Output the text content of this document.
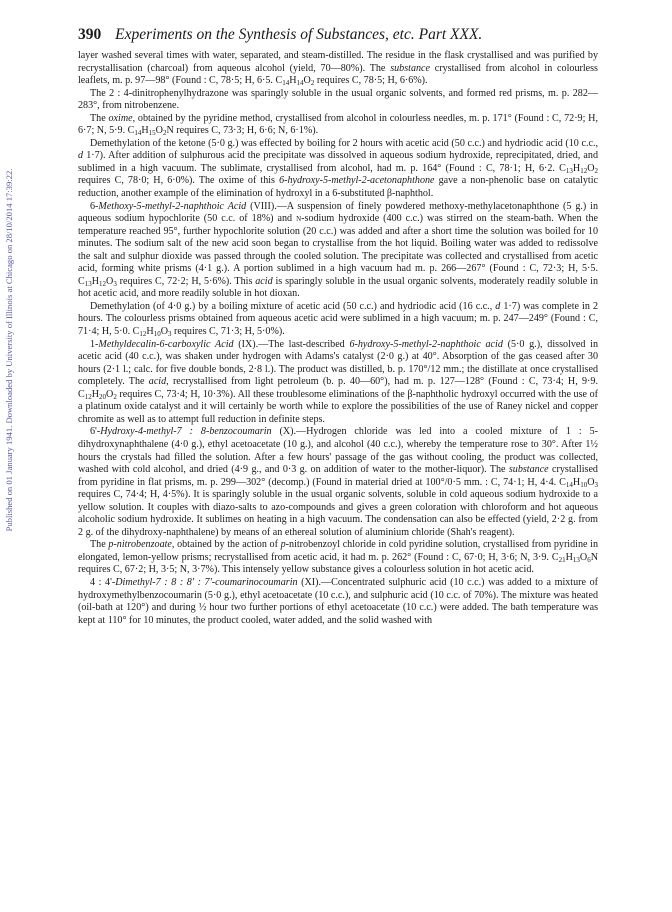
Published on 01 January 1941. Downloaded by University of Illinois at Chicago on 28/10/2014 17:39:22.
390 Experiments on the Synthesis of Substances, etc. Part XXX.

layer washed several times with water, separated, and steam-distilled. The residue in the flask crystallised and was purified by recrystallisation (charcoal) from aqueous alcohol (yield, 70—80%). The substance crystallised from alcohol in colourless leaflets, m. p. 97—98° (Found : C, 78·5; H, 6·5. $C_{14}H_{14}O_2$ requires C, 78·5; H, 6·6%).

The 2 : 4-dinitrophenylhydrazone was sparingly soluble in the usual organic solvents, and formed red prisms, m. p. 282—283°, from nitrobenzene.

The oxime, obtained by the pyridine method, crystallised from alcohol in colourless needles, m. p. 171° (Found : C, 72·9; H, 6·7; N, 5·9. $C_{14}H_{15}O_2N$ requires C, 73·3; H, 6·6; N, 6·1%).

Demethylation of the ketone (5·0 g.) was effected by boiling for 2 hours with acetic acid (50 c.c.) and hydriodic acid (10 c.c., d 1·7). After addition of sulphurous acid the precipitate was dissolved in aqueous sodium hydroxide, reprecipitated, dried, and sublimed in a high vacuum. The sublimate, crystallised from alcohol, had m. p. 164° (Found : C, 78·1; H, 6·2. $C_{13}H_{12}O_2$ requires C, 78·0; H, 6·0%). The oxime of this 6-hydroxy-5-methyl-2-acetonaphthone gave a non-phenolic base on catalytic reduction, another example of the elimination of hydroxyl in a 6-substituted β-naphthol.

6-Methoxy-5-methyl-2-naphthoic Acid (VIII).—A suspension of finely powdered methoxy-methylacetonaphthone (5 g.) in aqueous sodium hypochlorite (50 c.c. of 18%) and n-sodium hydroxide (400 c.c.) was stirred on the steam-bath. When the temperature reached 95°, further hypochlorite solution (20 c.c.) was added and after a short time the solution was boiled for 10 minutes. The sodium salt of the new acid soon began to crystallise from the hot liquid. Boiling water was added to redissolve the salt and sulphur dioxide was passed through the cooled solution. The precipitate was collected and crystallised from acetic acid, forming white prisms (4·1 g.). A portion sublimed in a high vacuum had m. p. 266—267° (Found : C, 72·3; H, 5·5. $C_{13}H_{12}O_3$ requires C, 72·2; H, 5·6%). This acid is sparingly soluble in the usual organic solvents, moderately readily soluble in hot acetic acid, and more readily soluble in hot dioxan.

Demethylation (of 4·0 g.) by a boiling mixture of acetic acid (50 c.c.) and hydriodic acid (16 c.c., d 1·7) was complete in 2 hours. The colourless prisms obtained from aqueous acetic acid were sublimed in a high vacuum; m. p. 247—249° (Found : C, 71·4; H, 5·0. $C_{12}H_{10}O_3$ requires C, 71·3; H, 5·0%).

1-Methyldecalin-6-carboxylic Acid (IX).—The last-described 6-hydroxy-5-methyl-2-naphthoic acid (5·0 g.), dissolved in acetic acid (40 c.c.), was shaken under hydrogen with Adams's catalyst (2·0 g.) at 40°. Absorption of the gas ceased after 30 hours (2·1 l.; calc. for five double bonds, 2·8 l.). The product was distilled, b. p. 170°/12 mm.; the distillate at once crystallised completely. The acid, recrystallised from light petroleum (b. p. 40—60°), had m. p. 127—128° (Found : C, 73·4; H, 9·9. $C_{12}H_{20}O_2$ requires C, 73·4; H, 10·3%). All these troublesome eliminations of the β-naphtholic hydroxyl occurred with the use of a platinum oxide catalyst and it will certainly be worth while to explore the possibilities of the use of Raney nickel and copper chromite as well as to attempt full reduction in definite steps.

6'-Hydroxy-4-methyl-7 : 8-benzocoumarin (X).—Hydrogen chloride was led into a cooled mixture of 1 : 5-dihydroxynaphthalene (4·0 g.), ethyl acetoacetate (10 g.), and alcohol (40 c.c.), whereby the temperature rose to 30°. After 1½ hours the crystals had filled the solution. After a few hours' passage of the gas without cooling, the product was collected, washed with cold alcohol, and dried (4·9 g., and 0·3 g. on addition of water to the mother-liquor). The substance crystallised from pyridine in flat prisms, m. p. 299—302° (decomp.) (Found in material dried at 100°/0·5 mm. : C, 74·1; H, 4·4. $C_{14}H_{10}O_3$ requires C, 74·4; H, 4·5%). It is sparingly soluble in the usual organic solvents, soluble in cold aqueous sodium hydroxide to a yellow solution. It couples with diazo-salts to azo-compounds and gives a green coloration with chloroform and hot aqueous alcoholic sodium hydroxide. It sublimes on heating in a high vacuum. The condensation can also be effected (yield, 2·2 g. from 2 g. of the dihydroxy-naphthalene) by means of an ethereal solution of aluminium chloride (Shah's reagent).

The p-nitrobenzoate, obtained by the action of p-nitrobenzoyl chloride in cold pyridine solution, crystallised from pyridine in elongated, lemon-yellow prisms; recrystallised from acetic acid, it had m. p. 262° (Found : C, 67·0; H, 3·6; N, 3·9. $C_{21}H_{13}O_6N$ requires C, 67·2; H, 3·5; N, 3·7%). This intensely yellow substance gives a colourless solution in hot acetic acid.

4 : 4'-Dimethyl-7 : 8 : 8' : 7'-coumarinocoumarin (XI).—Concentrated sulphuric acid (10 c.c.) was added to a mixture of hydroxymethylbenzocoumarin (5·0 g.), ethyl acetoacetate (10 c.c.), and sulphuric acid (10 c.c. of 70%). The mixture was heated (oil-bath at 120°) and during ½ hour two further portions of ethyl acetoacetate (10 c.c.) were added. The bath temperature was kept at 110° for 10 minutes, the product cooled, water added, and the solid washed with
